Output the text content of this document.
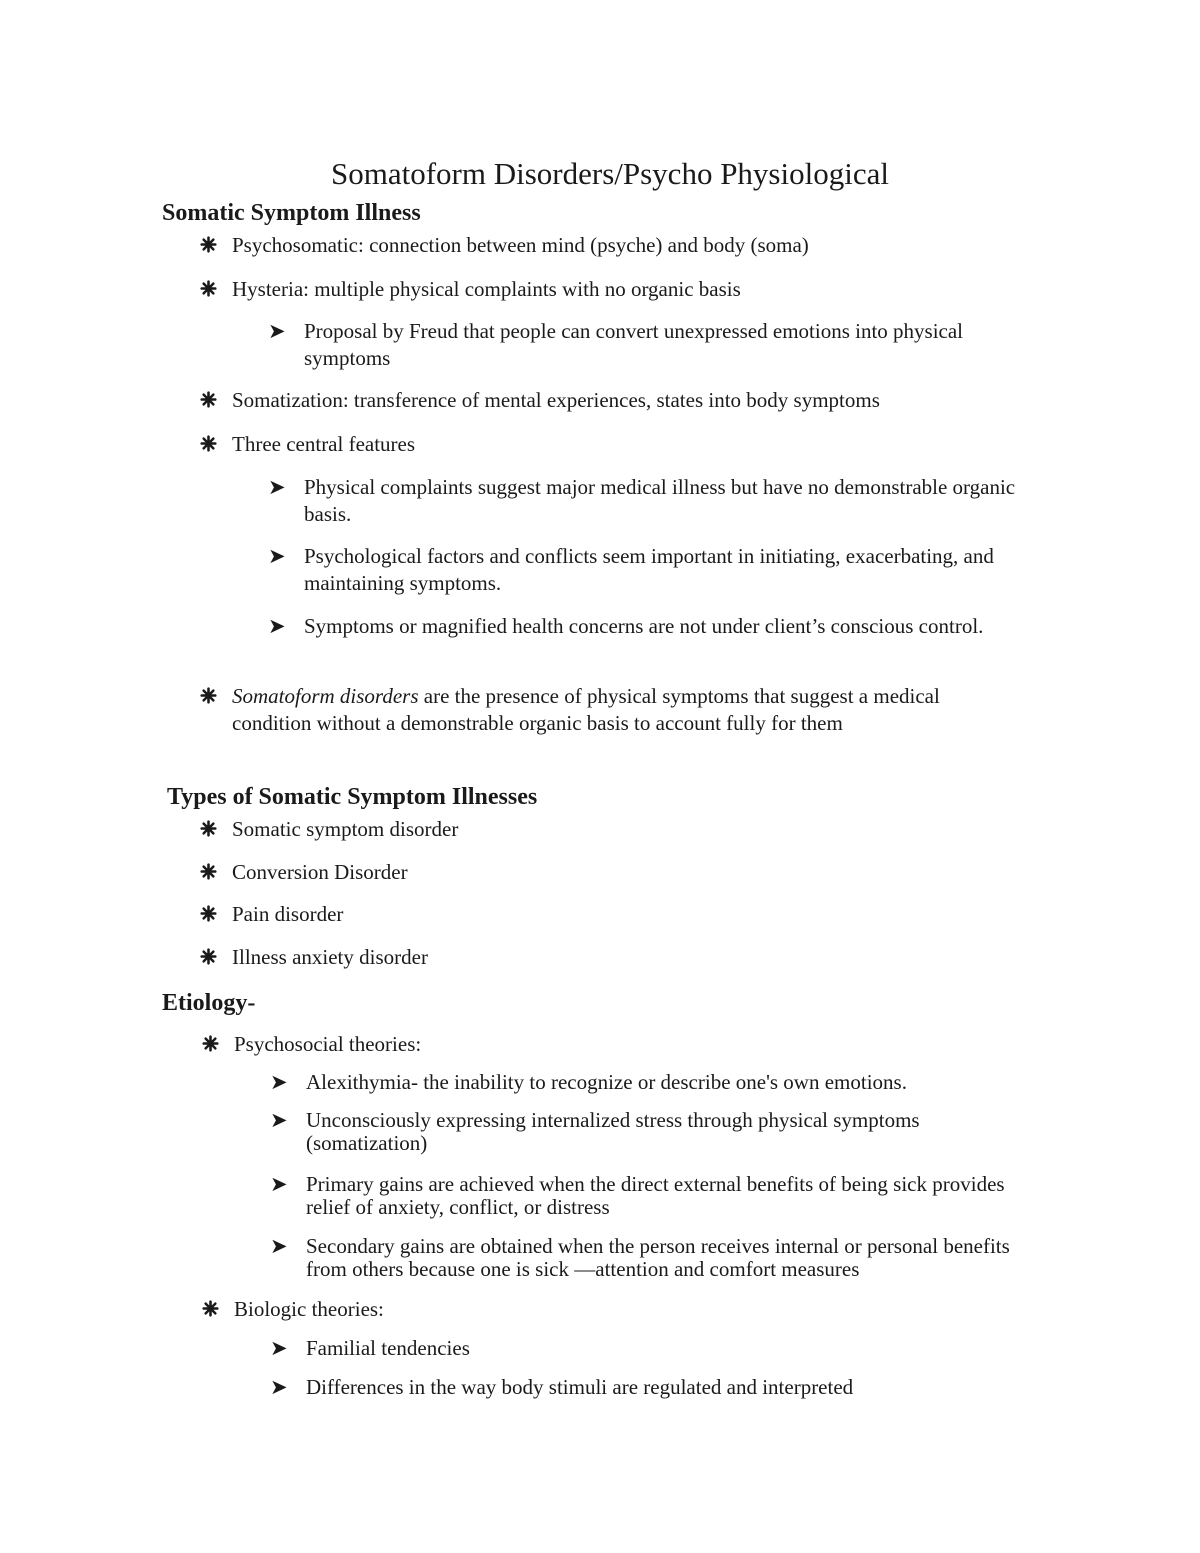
Somatoform Disorders/Psycho Physiological
Somatic Symptom Illness
Psychosomatic: connection between mind (psyche) and body (soma)
Hysteria: multiple physical complaints with no organic basis
➤ Proposal by Freud that people can convert unexpressed emotions into physical symptoms
Somatization: transference of mental experiences, states into body symptoms
Three central features
➤ Physical complaints suggest major medical illness but have no demonstrable organic basis.
➤ Psychological factors and conflicts seem important in initiating, exacerbating, and maintaining symptoms.
➤ Symptoms or magnified health concerns are not under client’s conscious control.
Somatoform disorders are the presence of physical symptoms that suggest a medical condition without a demonstrable organic basis to account fully for them
Types of Somatic Symptom Illnesses
Somatic symptom disorder
Conversion Disorder
Pain disorder
Illness anxiety disorder
Etiology-
Psychosocial theories:
➤ Alexithymia- the inability to recognize or describe one's own emotions.
➤ Unconsciously expressing internalized stress through physical symptoms (somatization)
➤ Primary gains are achieved when the direct external benefits of being sick provides relief of anxiety, conflict, or distress
➤ Secondary gains are obtained when the person receives internal or personal benefits from others because one is sick —attention and comfort measures
Biologic theories:
➤ Familial tendencies
➤ Differences in the way body stimuli are regulated and interpreted
